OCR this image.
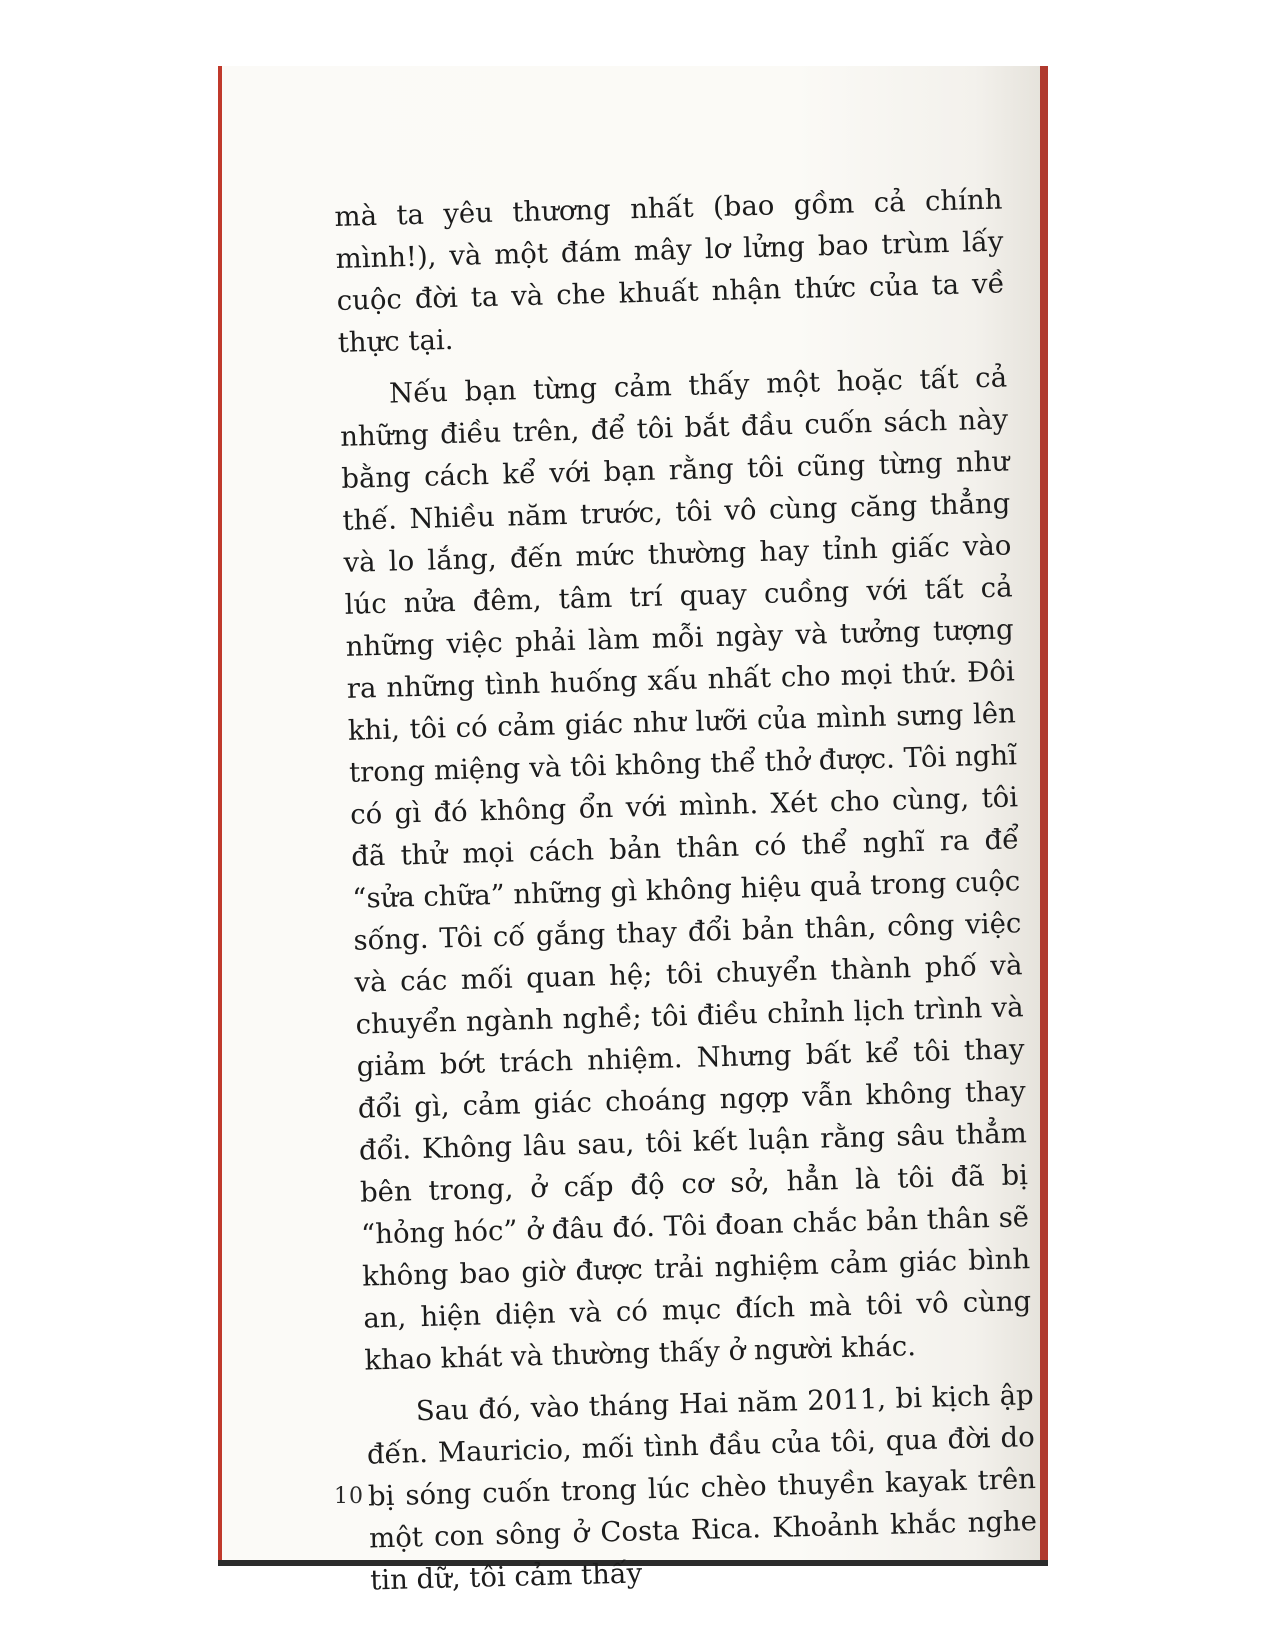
mà ta yêu thương nhất (bao gồm cả chính mình!), và một đám mây lơ lửng bao trùm lấy cuộc đời ta và che khuất nhận thức của ta về thực tại.

Nếu bạn từng cảm thấy một hoặc tất cả những điều trên, để tôi bắt đầu cuốn sách này bằng cách kể với bạn rằng tôi cũng từng như thế. Nhiều năm trước, tôi vô cùng căng thẳng và lo lắng, đến mức thường hay tỉnh giấc vào lúc nửa đêm, tâm trí quay cuồng với tất cả những việc phải làm mỗi ngày và tưởng tượng ra những tình huống xấu nhất cho mọi thứ. Đôi khi, tôi có cảm giác như lưỡi của mình sưng lên trong miệng và tôi không thể thở được. Tôi nghĩ có gì đó không ổn với mình. Xét cho cùng, tôi đã thử mọi cách bản thân có thể nghĩ ra để “sửa chữa” những gì không hiệu quả trong cuộc sống. Tôi cố gắng thay đổi bản thân, công việc và các mối quan hệ; tôi chuyển thành phố và chuyển ngành nghề; tôi điều chỉnh lịch trình và giảm bớt trách nhiệm. Nhưng bất kể tôi thay đổi gì, cảm giác choáng ngợp vẫn không thay đổi. Không lâu sau, tôi kết luận rằng sâu thẳm bên trong, ở cấp độ cơ sở, hẳn là tôi đã bị “hỏng hóc” ở đâu đó. Tôi đoan chắc bản thân sẽ không bao giờ được trải nghiệm cảm giác bình an, hiện diện và có mục đích mà tôi vô cùng khao khát và thường thấy ở người khác.

Sau đó, vào tháng Hai năm 2011, bi kịch ập đến. Mauricio, mối tình đầu của tôi, qua đời do bị sóng cuốn trong lúc chèo thuyền kayak trên một con sông ở Costa Rica. Khoảnh khắc nghe tin dữ, tôi cảm thấy

10
